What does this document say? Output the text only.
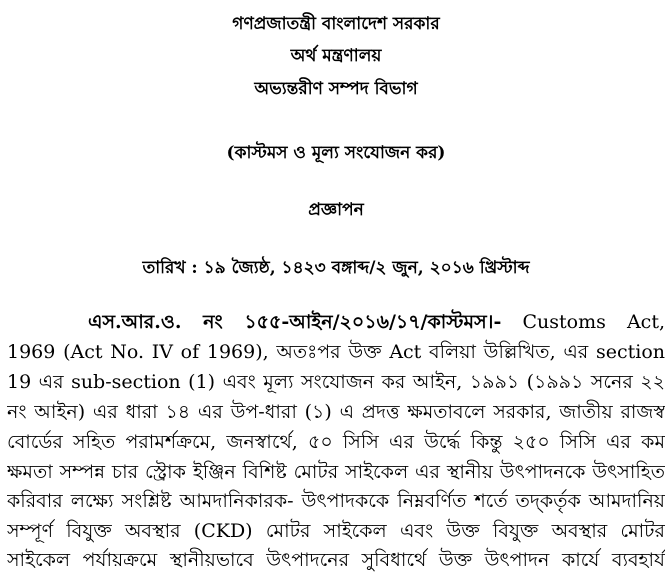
গণপ্রজাতন্ত্রী বাংলাদেশ সরকার
অর্থ মন্ত্রণালয়
অভ্যন্তরীণ সম্পদ বিভাগ
(কাস্টমস ও মূল্য সংযোজন কর)
প্রজ্ঞাপন
তারিখ : ১৯ জ্যৈষ্ঠ, ১৪২৩ বঙ্গাব্দ/২ জুন, ২০১৬ খ্রিস্টাব্দ
এস.আর.ও. নং ১৫৫-আইন/২০১৬/১৭/কাস্টমস।- Customs Act,
1969 (Act No. IV of 1969), অতঃপর উক্ত Act বলিয়া উল্লিখিত, এর section
19 এর sub-section (1) এবং মূল্য সংযোজন কর আইন, ১৯৯১ (১৯৯১ সনের ২২
নং আইন) এর ধারা ১৪ এর উপ-ধারা (১) এ প্রদত্ত ক্ষমতাবলে সরকার, জাতীয় রাজস্ব
বোর্ডের সহিত পরামর্শক্রমে, জনস্বার্থে, ৫০ সিসি এর উর্দ্ধে কিন্তু ২৫০ সিসি এর কম
ক্ষমতা সম্পন্ন চার স্ট্রোক ইঞ্জিন বিশিষ্ট মোটর সাইকেল এর স্থানীয় উৎপাদনকে উৎসাহিত
করিবার লক্ষ্যে সংশ্লিষ্ট আমদানিকারক- উৎপাদককে নিম্নবর্ণিত শর্তে তদ্কর্তৃক আমদানিয়
সম্পূর্ণ বিযুক্ত অবস্থার (CKD) মোটর সাইকেল এবং উক্ত বিযুক্ত অবস্থার মোটর
সাইকেল পর্যায়ক্রমে স্থানীয়ভাবে উৎপাদনের সুবিধার্থে উক্ত উৎপাদন কার্যে ব্যবহার্য
